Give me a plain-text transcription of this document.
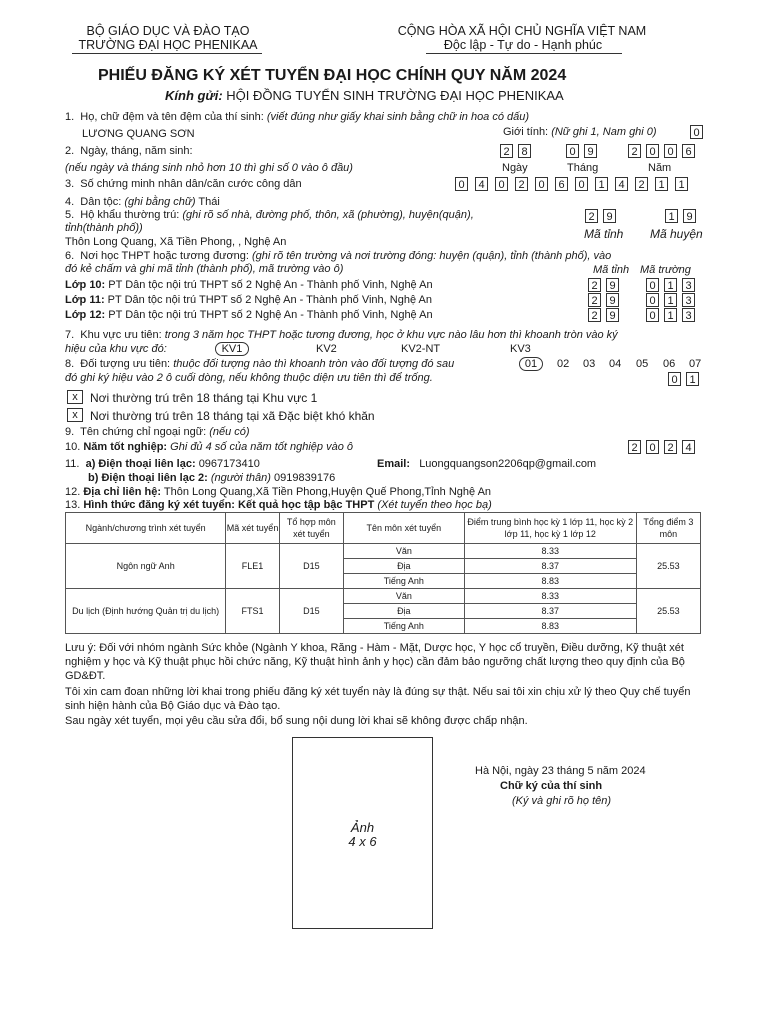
BỘ GIÁO DỤC VÀ ĐÀO TẠO
TRƯỜNG ĐẠI HỌC PHENIKAA
CỘNG HÒA XÃ HỘI CHỦ NGHĨA VIỆT NAM
Độc lập - Tự do - Hạnh phúc
PHIẾU ĐĂNG KÝ XÉT TUYỂN ĐẠI HỌC CHÍNH QUY NĂM 2024
Kính gửi: HỘI ĐỒNG TUYỂN SINH TRƯỜNG ĐẠI HỌC PHENIKAA
1.  Họ, chữ đệm và tên đệm của thí sinh: (viết đúng như giấy khai sinh bằng chữ in hoa có dấu)
LƯƠNG QUANG SƠN	Giới tính: (Nữ ghi 1, Nam ghi 0)	0
2.  Ngày, tháng, năm sinh:
(nếu ngày và tháng sinh nhỏ hơn 10 thì ghi số 0 vào ô đầu)
2	8	0	9	2	0	0	6
Ngày	Tháng	Năm
3.  Số chứng minh nhân dân/căn cước công dân	0	4	0	2	0	6	0	1	4	2	1	1
4.  Dân tộc: (ghi bằng chữ) Thái
5.  Hộ khẩu thường trú: (ghi rõ số nhà, đường phố, thôn, xã (phường), huyện(quận),
tỉnh(thành phố))
Thôn Long Quang, Xã Tiền Phong, , Nghệ An
2	9	1	9
Mã tỉnh Mã huyện
6.  Nơi học THPT hoặc tương đương: (ghi rõ tên trường và nơi trường đóng: huyện (quận), tỉnh (thành phố), vào
đó kẻ chấm và ghi mã tỉnh (thành phố), mã trường vào ô)	Mã tỉnh Mã trường
Lớp 10: PT Dân tộc nội trú THPT số 2 Nghệ An - Thành phố Vinh, Nghệ An	2	9	0	1	3
Lớp 11: PT Dân tộc nội trú THPT số 2 Nghệ An - Thành phố Vinh, Nghệ An	2	9	0	1	3
Lớp 12: PT Dân tộc nội trú THPT số 2 Nghệ An - Thành phố Vinh, Nghệ An	2	9	0	1	3
7.  Khu vực ưu tiên: trong 3 năm học THPT hoặc tương đương, học ở khu vực nào lâu hơn thì khoanh tròn vào ký
hiệu của khu vực đó:	KV1	KV2	KV2-NT	KV3
8.  Đối tượng ưu tiên: thuộc đối tượng nào thì khoanh tròn vào đối tượng đó sau
đó ghi ký hiệu vào 2 ô cuối dòng, nếu không thuộc diện ưu tiên thì để trống.
01	02 03 04 05 06 07
0	1
x	Nơi thường trú trên 18 tháng tại Khu vực 1
x	Nơi thường trú trên 18 tháng tại xã Đặc biệt khó khăn
9.  Tên chứng chỉ ngoại ngữ: (nếu có)
10. Năm tốt nghiệp: Ghi đủ 4 số của năm tốt nghiệp vào ô	2	0	2	4
11.  a) Điện thoại liên lạc: 0967173410	Email: Luongquangson2206qp@gmail.com
b) Điện thoại liên lạc 2: (người thân) 0919839176
12. Địa chỉ liên hệ: Thôn Long Quang,Xã Tiền Phong,Huyện Quế Phong,Tỉnh Nghệ An
13. Hình thức đăng ký xét tuyển: Kết quả học tập bậc THPT (Xét tuyển theo học bạ)
Ngành/chương trình xét tuyển	Mã xét tuyển	Tổ hợp môn xét tuyển	Tên môn xét tuyển	Điểm trung bình học kỳ 1 lớp 11, học kỳ 2 lớp 11, học kỳ 1 lớp 12	Tổng điểm 3 môn
Ngôn ngữ Anh	FLE1	D15	Văn	8.33	25.53
			Địa	8.37	
			Tiếng Anh	8.83	
Du lịch (Định hướng Quản trị du lịch)	FTS1	D15	Văn	8.33	25.53
			Địa	8.37	
			Tiếng Anh	8.83	
Lưu ý: Đối với nhóm ngành Sức khỏe (Ngành Y khoa, Răng - Hàm - Mặt, Dược học, Y học cổ truyền, Điều dưỡng, Kỹ thuật xét nghiệm y học và Kỹ thuật phục hồi chức năng, Kỹ thuật hình ảnh y học) cần đảm bảo ngưỡng chất lượng theo quy định của Bộ GD&ĐT.
Tôi xin cam đoan những lời khai trong phiếu đăng ký xét tuyển này là đúng sự thật. Nếu sai tôi xin chịu xử lý theo Quy chế tuyển sinh hiện hành của Bộ Giáo dục và Đào tạo.
Sau ngày xét tuyển, mọi yêu cầu sửa đổi, bổ sung nội dung lời khai sẽ không được chấp nhận.
Ảnh
4 x 6
Hà Nội, ngày 23 tháng 5 năm 2024
Chữ ký của thí sinh
(Ký và ghi rõ họ tên)
